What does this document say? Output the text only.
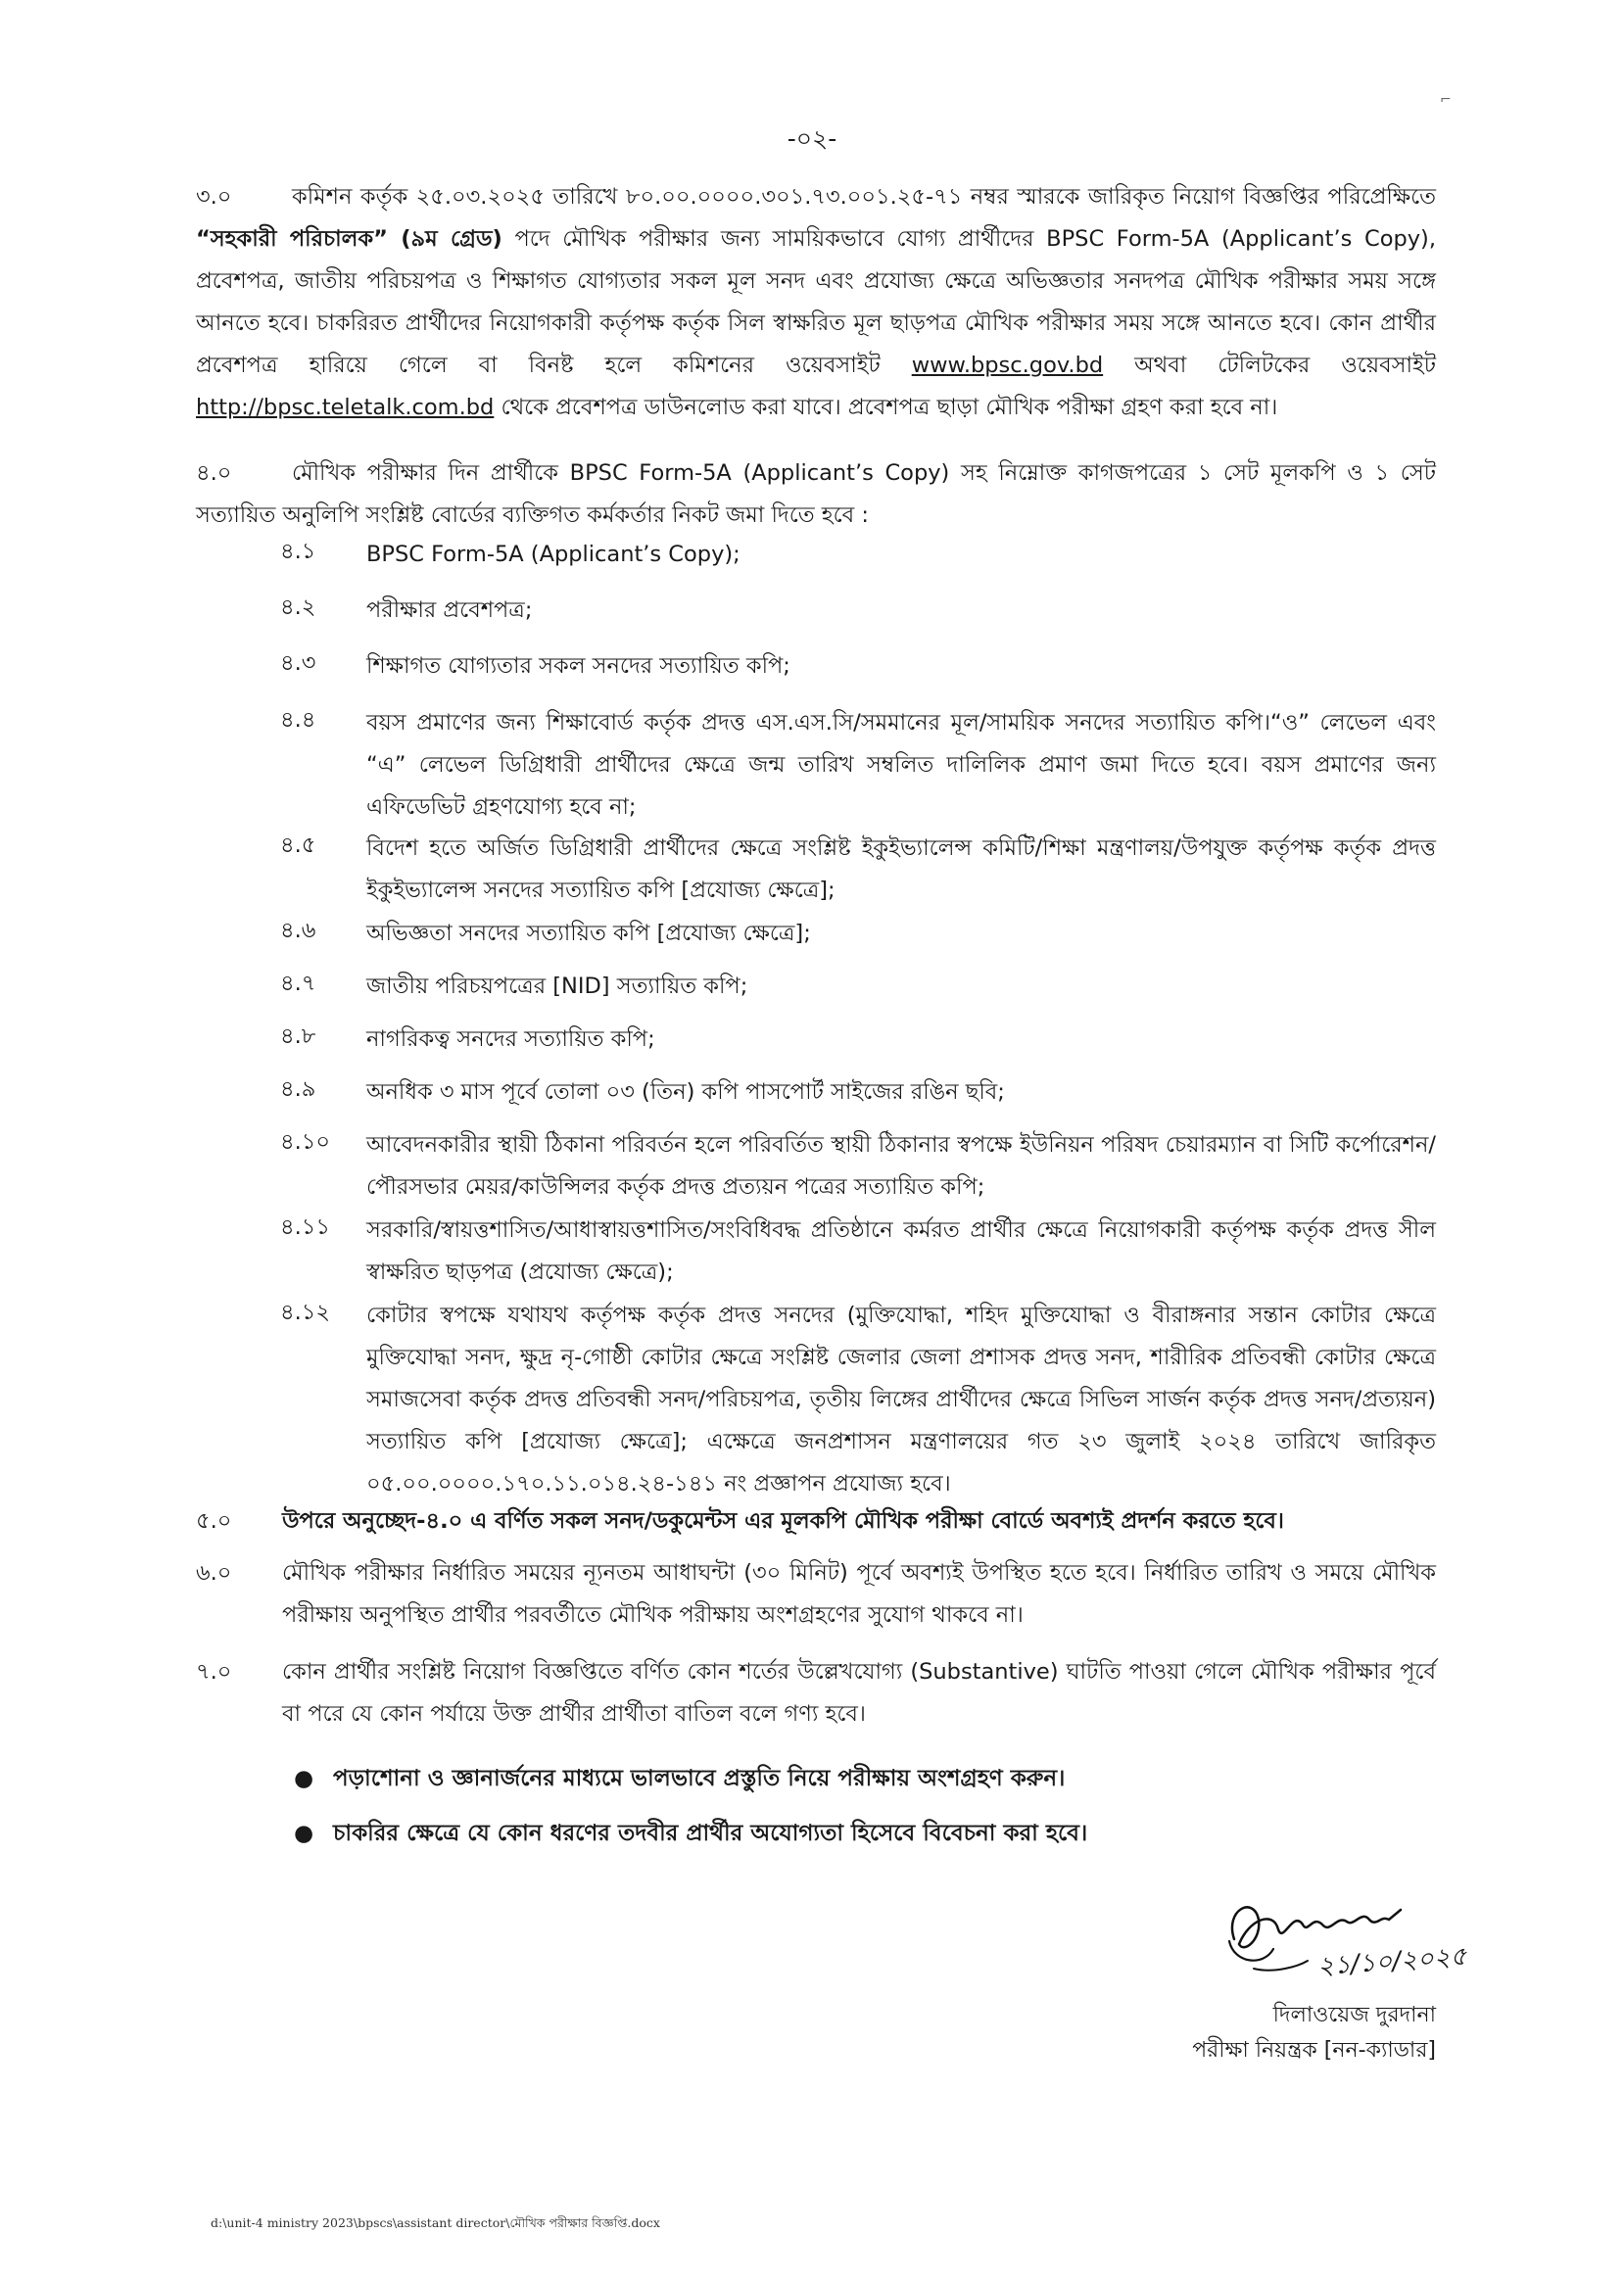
-০২-
৩.০	কমিশন কর্তৃক ২৫.০৩.২০২৫ তারিখে ৮০.০০.০০০০.৩০১.৭৩.০০১.২৫-৭১ নম্বর স্মারকে জারিকৃত নিয়োগ বিজ্ঞপ্তির পরিপ্রেক্ষিতে “সহকারী পরিচালক” (৯ম গ্রেড) পদে মৌখিক পরীক্ষার জন্য সাময়িকভাবে যোগ্য প্রার্থীদের BPSC Form-5A (Applicant’s Copy), প্রবেশপত্র, জাতীয় পরিচয়পত্র ও শিক্ষাগত যোগ্যতার সকল মূল সনদ এবং প্রযোজ্য ক্ষেত্রে অভিজ্ঞতার সনদপত্র মৌখিক পরীক্ষার সময় সঙ্গে আনতে হবে। চাকরিরত প্রার্থীদের নিয়োগকারী কর্তৃপক্ষ কর্তৃক সিল স্বাক্ষরিত মূল ছাড়পত্র মৌখিক পরীক্ষার সময় সঙ্গে আনতে হবে। কোন প্রার্থীর প্রবেশপত্র হারিয়ে গেলে বা বিনষ্ট হলে কমিশনের ওয়েবসাইট www.bpsc.gov.bd অথবা টেলিটকের ওয়েবসাইট http://bpsc.teletalk.com.bd থেকে প্রবেশপত্র ডাউনলোড করা যাবে। প্রবেশপত্র ছাড়া মৌখিক পরীক্ষা গ্রহণ করা হবে না।
৪.০	মৌখিক পরীক্ষার দিন প্রার্থীকে BPSC Form-5A (Applicant’s Copy) সহ নিম্নোক্ত কাগজপত্রের ১ সেট মূলকপি ও ১ সেট সত্যায়িত অনুলিপি সংশ্লিষ্ট বোর্ডের ব্যক্তিগত কর্মকর্তার নিকট জমা দিতে হবে :
৪.১	BPSC Form-5A (Applicant’s Copy);
৪.২	পরীক্ষার প্রবেশপত্র;
৪.৩	শিক্ষাগত যোগ্যতার সকল সনদের সত্যায়িত কপি;
৪.৪	বয়স প্রমাণের জন্য শিক্ষাবোর্ড কর্তৃক প্রদত্ত এস.এস.সি/সমমানের মূল/সাময়িক সনদের সত্যায়িত কপি।“ও” লেভেল এবং “এ” লেভেল ডিগ্রিধারী প্রার্থীদের ক্ষেত্রে জন্ম তারিখ সম্বলিত দালিলিক প্রমাণ জমা দিতে হবে। বয়স প্রমাণের জন্য এফিডেভিট গ্রহণযোগ্য হবে না;
৪.৫	বিদেশ হতে অর্জিত ডিগ্রিধারী প্রার্থীদের ক্ষেত্রে সংশ্লিষ্ট ইকুইভ্যালেন্স কমিটি/শিক্ষা মন্ত্রণালয়/উপযুক্ত কর্তৃপক্ষ কর্তৃক প্রদত্ত ইকুইভ্যালেন্স সনদের সত্যায়িত কপি [প্রযোজ্য ক্ষেত্রে];
৪.৬	অভিজ্ঞতা সনদের সত্যায়িত কপি [প্রযোজ্য ক্ষেত্রে];
৪.৭	জাতীয় পরিচয়পত্রের [NID] সত্যায়িত কপি;
৪.৮	নাগরিকত্ব সনদের সত্যায়িত কপি;
৪.৯	অনধিক ৩ মাস পূর্বে তোলা ০৩ (তিন) কপি পাসপোর্ট সাইজের রঙিন ছবি;
৪.১০	আবেদনকারীর স্থায়ী ঠিকানা পরিবর্তন হলে পরিবর্তিত স্থায়ী ঠিকানার স্বপক্ষে ইউনিয়ন পরিষদ চেয়ারম্যান বা সিটি কর্পোরেশন/পৌরসভার মেয়র/কাউন্সিলর কর্তৃক প্রদত্ত প্রত্যয়ন পত্রের সত্যায়িত কপি;
৪.১১	সরকারি/স্বায়ত্তশাসিত/আধাস্বায়ত্তশাসিত/সংবিধিবদ্ধ প্রতিষ্ঠানে কর্মরত প্রার্থীর ক্ষেত্রে নিয়োগকারী কর্তৃপক্ষ কর্তৃক প্রদত্ত সীল স্বাক্ষরিত ছাড়পত্র (প্রযোজ্য ক্ষেত্রে);
৪.১২	কোটার স্বপক্ষে যথাযথ কর্তৃপক্ষ কর্তৃক প্রদত্ত সনদের (মুক্তিযোদ্ধা, শহিদ মুক্তিযোদ্ধা ও বীরাঙ্গনার সন্তান কোটার ক্ষেত্রে মুক্তিযোদ্ধা সনদ, ক্ষুদ্র নৃ-গোষ্ঠী কোটার ক্ষেত্রে সংশ্লিষ্ট জেলার জেলা প্রশাসক প্রদত্ত সনদ, শারীরিক প্রতিবন্ধী কোটার ক্ষেত্রে সমাজসেবা কর্তৃক প্রদত্ত প্রতিবন্ধী সনদ/পরিচয়পত্র, তৃতীয় লিঙ্গের প্রার্থীদের ক্ষেত্রে সিভিল সার্জন কর্তৃক প্রদত্ত সনদ/প্রত্যয়ন) সত্যায়িত কপি [প্রযোজ্য ক্ষেত্রে]; এক্ষেত্রে জনপ্রশাসন মন্ত্রণালয়ের গত ২৩ জুলাই ২০২৪ তারিখে জারিকৃত ০৫.০০.০০০০.১৭০.১১.০১৪.২৪-১৪১ নং প্রজ্ঞাপন প্রযোজ্য হবে।
৫.০ উপরে অনুচ্ছেদ-৪.০ এ বর্ণিত সকল সনদ/ডকুমেন্টস এর মূলকপি মৌখিক পরীক্ষা বোর্ডে অবশ্যই প্রদর্শন করতে হবে।
৬.০ মৌখিক পরীক্ষার নির্ধারিত সময়ের ন্যূনতম আধাঘন্টা (৩০ মিনিট) পূর্বে অবশ্যই উপস্থিত হতে হবে। নির্ধারিত তারিখ ও সময়ে মৌখিক পরীক্ষায় অনুপস্থিত প্রার্থীর পরবর্তীতে মৌখিক পরীক্ষায় অংশগ্রহণের সুযোগ থাকবে না।
৭.০ কোন প্রার্থীর সংশ্লিষ্ট নিয়োগ বিজ্ঞপ্তিতে বর্ণিত কোন শর্তের উল্লেখযোগ্য (Substantive) ঘাটতি পাওয়া গেলে মৌখিক পরীক্ষার পূর্বে বা পরে যে কোন পর্যায়ে উক্ত প্রার্থীর প্রার্থীতা বাতিল বলে গণ্য হবে।
● পড়াশোনা ও জ্ঞানার্জনের মাধ্যমে ভালভাবে প্রস্তুতি নিয়ে পরীক্ষায় অংশগ্রহণ করুন।
● চাকরির ক্ষেত্রে যে কোন ধরণের তদবীর প্রার্থীর অযোগ্যতা হিসেবে বিবেচনা করা হবে।
২১/১০/২০২৫
দিলাওয়েজ দুরদানা
পরীক্ষা নিয়ন্ত্রক [নন-ক্যাডার]
d:\unit-4 ministry 2023\bpscs\assistant director\মৌখিক পরীক্ষার বিজ্ঞপ্তি.docx
⌐
